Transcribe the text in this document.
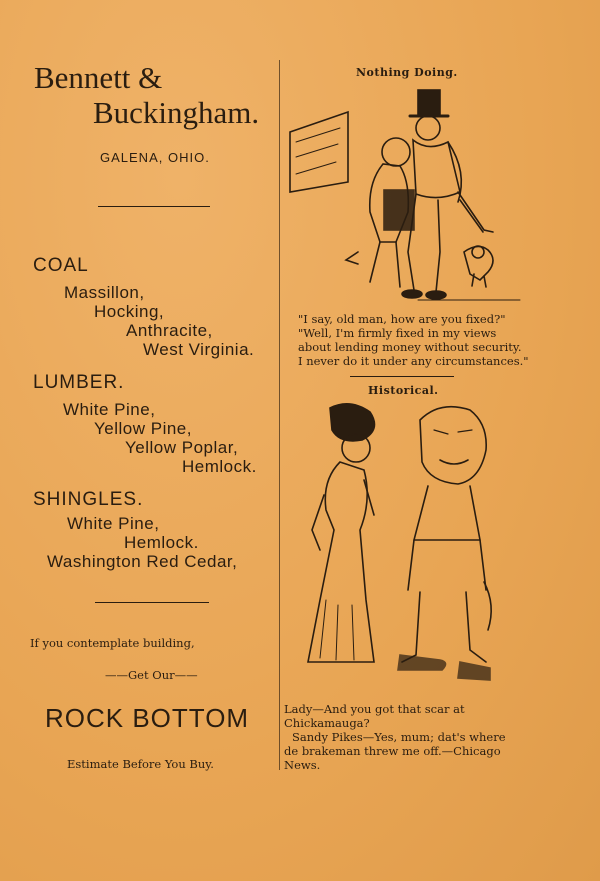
Bennett &
Buckingham.
GALENA, OHIO.
COAL
Massillon,
Hocking,
Anthracite,
West Virginia.
LUMBER.
White Pine,
Yellow Pine,
Yellow Poplar,
Hemlock.
SHINGLES.
White Pine,
Hemlock.
Washington Red Cedar,
If you contemplate building,
——Get Our——
ROCK BOTTOM
Estimate Before You Buy.
Nothing Doing.
"I say, old man, how are you fixed?"
"Well, I'm firmly fixed in my views
about lending money without security.
I never do it under any circumstances."
Historical.
Lady—And you got that scar at
Chickamauga?
Sandy Pikes—Yes, mum; dat's where
de brakeman threw me off.—Chicago
News.
